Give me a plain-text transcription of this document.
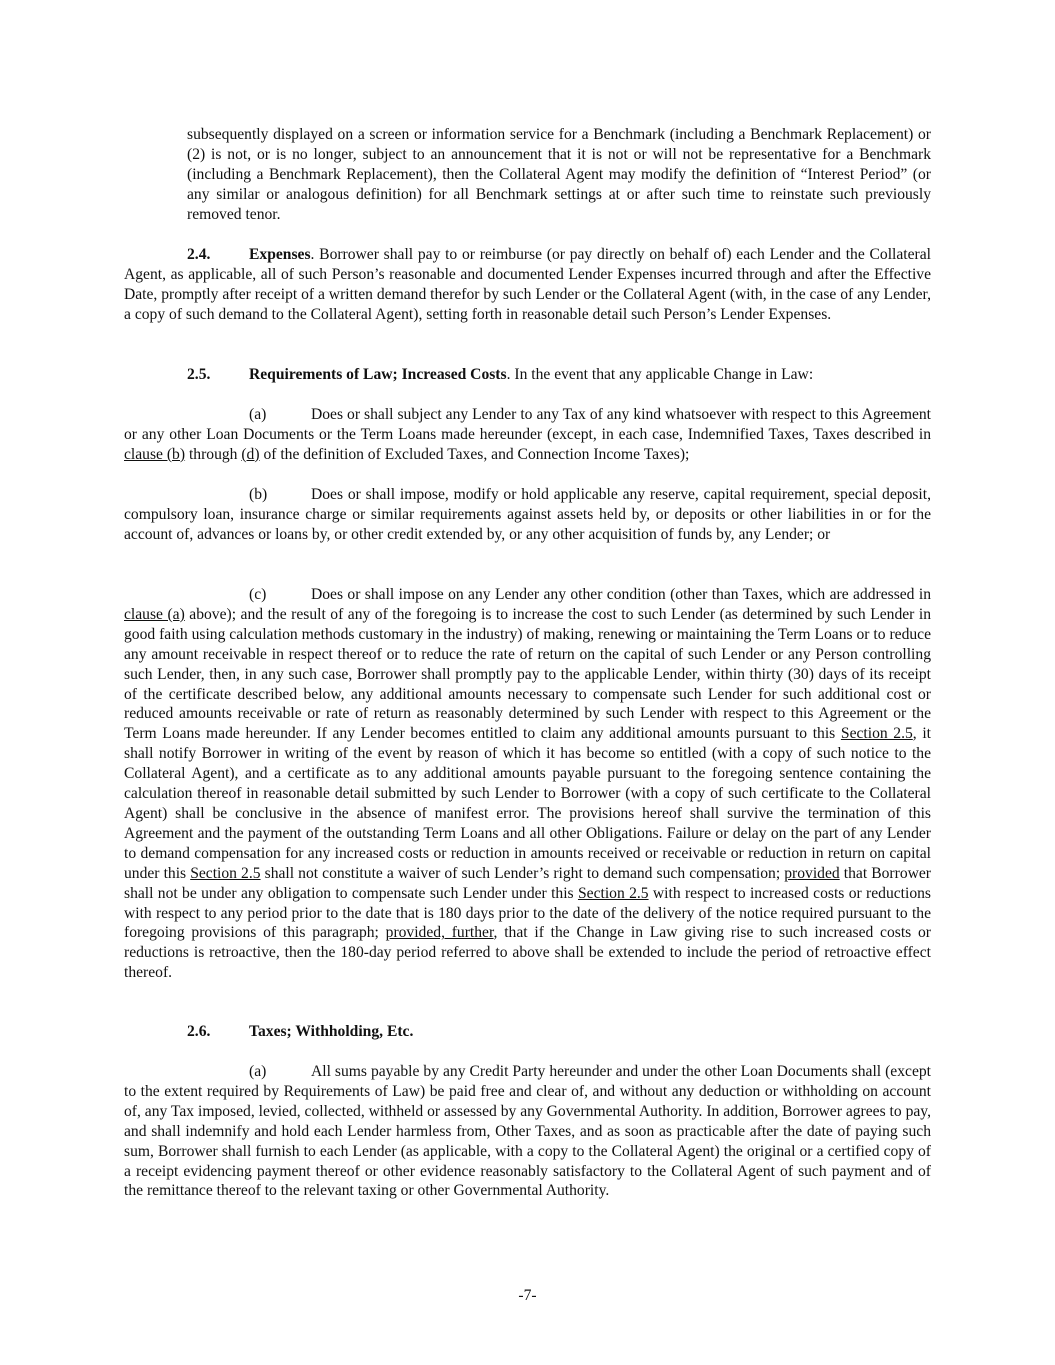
subsequently displayed on a screen or information service for a Benchmark (including a Benchmark Replacement) or (2) is not, or is no longer, subject to an announcement that it is not or will not be representative for a Benchmark (including a Benchmark Replacement), then the Collateral Agent may modify the definition of “Interest Period” (or any similar or analogous definition) for all Benchmark settings at or after such time to reinstate such previously removed tenor.

2.4. Expenses. Borrower shall pay to or reimburse (or pay directly on behalf of) each Lender and the Collateral Agent, as applicable, all of such Person’s reasonable and documented Lender Expenses incurred through and after the Effective Date, promptly after receipt of a written demand therefor by such Lender or the Collateral Agent (with, in the case of any Lender, a copy of such demand to the Collateral Agent), setting forth in reasonable detail such Person’s Lender Expenses.

2.5. Requirements of Law; Increased Costs. In the event that any applicable Change in Law:

(a)	Does or shall subject any Lender to any Tax of any kind whatsoever with respect to this Agreement or any other Loan Documents or the Term Loans made hereunder (except, in each case, Indemnified Taxes, Taxes described in clause (b) through (d) of the definition of Excluded Taxes, and Connection Income Taxes);

(b)	Does or shall impose, modify or hold applicable any reserve, capital requirement, special deposit, compulsory loan, insurance charge or similar requirements against assets held by, or deposits or other liabilities in or for the account of, advances or loans by, or other credit extended by, or any other acquisition of funds by, any Lender; or

(c)	Does or shall impose on any Lender any other condition (other than Taxes, which are addressed in clause (a) above); and the result of any of the foregoing is to increase the cost to such Lender (as determined by such Lender in good faith using calculation methods customary in the industry) of making, renewing or maintaining the Term Loans or to reduce any amount receivable in respect thereof or to reduce the rate of return on the capital of such Lender or any Person controlling such Lender, then, in any such case, Borrower shall promptly pay to the applicable Lender, within thirty (30) days of its receipt of the certificate described below, any additional amounts necessary to compensate such Lender for such additional cost or reduced amounts receivable or rate of return as reasonably determined by such Lender with respect to this Agreement or the Term Loans made hereunder. If any Lender becomes entitled to claim any additional amounts pursuant to this Section 2.5, it shall notify Borrower in writing of the event by reason of which it has become so entitled (with a copy of such notice to the Collateral Agent), and a certificate as to any additional amounts payable pursuant to the foregoing sentence containing the calculation thereof in reasonable detail submitted by such Lender to Borrower (with a copy of such certificate to the Collateral Agent) shall be conclusive in the absence of manifest error. The provisions hereof shall survive the termination of this Agreement and the payment of the outstanding Term Loans and all other Obligations. Failure or delay on the part of any Lender to demand compensation for any increased costs or reduction in amounts received or receivable or reduction in return on capital under this Section 2.5 shall not constitute a waiver of such Lender’s right to demand such compensation; provided that Borrower shall not be under any obligation to compensate such Lender under this Section 2.5 with respect to increased costs or reductions with respect to any period prior to the date that is 180 days prior to the date of the delivery of the notice required pursuant to the foregoing provisions of this paragraph; provided, further, that if the Change in Law giving rise to such increased costs or reductions is retroactive, then the 180-day period referred to above shall be extended to include the period of retroactive effect thereof.

2.6. Taxes; Withholding, Etc.

(a)	All sums payable by any Credit Party hereunder and under the other Loan Documents shall (except to the extent required by Requirements of Law) be paid free and clear of, and without any deduction or withholding on account of, any Tax imposed, levied, collected, withheld or assessed by any Governmental Authority. In addition, Borrower agrees to pay, and shall indemnify and hold each Lender harmless from, Other Taxes, and as soon as practicable after the date of paying such sum, Borrower shall furnish to each Lender (as applicable, with a copy to the Collateral Agent) the original or a certified copy of a receipt evidencing payment thereof or other evidence reasonably satisfactory to the Collateral Agent of such payment and of the remittance thereof to the relevant taxing or other Governmental Authority.

-7-
